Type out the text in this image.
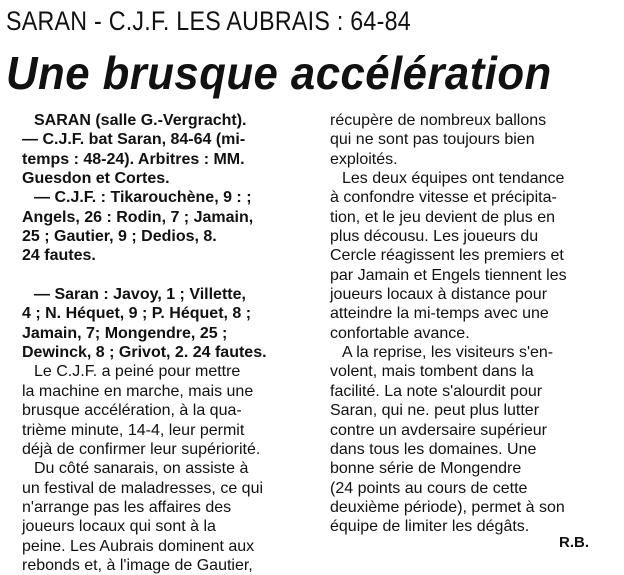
SARAN - C.J.F. LES AUBRAIS : 64-84
Une brusque accélération
SARAN (salle G.-Vergracht).
— C.J.F. bat Saran, 84-64 (mi-
temps : 48-24). Arbitres : MM.
Guesdon et Cortes.
— C.J.F. : Tikarouchène, 9 : ;
Angels, 26 : Rodin, 7 ; Jamain,
25 ; Gautier, 9 ; Dedios, 8.
24 fautes.

— Saran : Javoy, 1 ; Villette,
4 ; N. Héquet, 9 ; P. Héquet, 8 ;
Jamain, 7; Mongendre, 25 ;
Dewinck, 8 ; Grivot, 2. 24 fautes.
Le C.J.F. a peiné pour mettre
la machine en marche, mais une
brusque accélération, à la qua-
trième minute, 14-4, leur permit
déjà de confirmer leur supériorité.
Du côté sanarais, on assiste à
un festival de maladresses, ce qui
n'arrange pas les affaires des
joueurs locaux qui sont à la
peine. Les Aubrais dominent aux
rebonds et, à l'image de Gautier,
récupère de nombreux ballons
qui ne sont pas toujours bien
exploités.
Les deux équipes ont tendance
à confondre vitesse et précipita-
tion, et le jeu devient de plus en
plus décousu. Les joueurs du
Cercle réagissent les premiers et
par Jamain et Engels tiennent les
joueurs locaux à distance pour
atteindre la mi-temps avec une
confortable avance.
A la reprise, les visiteurs s'en-
volent, mais tombent dans la
facilité. La note s'alourdit pour
Saran, qui ne. peut plus lutter
contre un avdersaire supérieur
dans tous les domaines. Une
bonne série de Mongendre
(24 points au cours de cette
deuxième période), permet à son
équipe de limiter les dégâts.
R.B.
